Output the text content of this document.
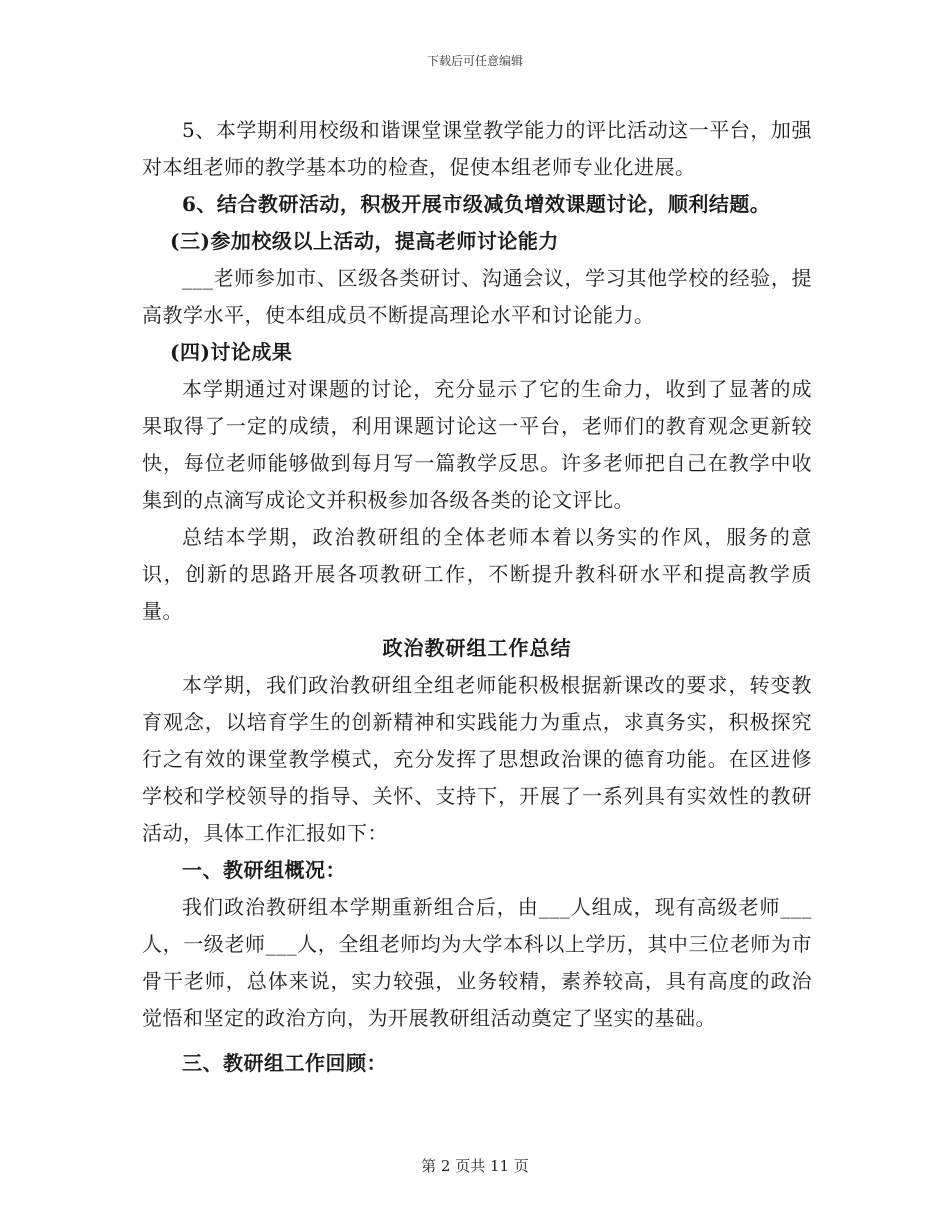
下载后可任意编辑

5、本学期利用校级和谐课堂课堂教学能力的评比活动这一平台，加强对本组老师的教学基本功的检查，促使本组老师专业化进展。

6、结合教研活动，积极开展市级减负增效课题讨论，顺利结题。

(三)参加校级以上活动，提高老师讨论能力

___老师参加市、区级各类研讨、沟通会议，学习其他学校的经验，提高教学水平，使本组成员不断提高理论水平和讨论能力。

(四)讨论成果

本学期通过对课题的讨论，充分显示了它的生命力，收到了显著的成果取得了一定的成绩，利用课题讨论这一平台，老师们的教育观念更新较快，每位老师能够做到每月写一篇教学反思。许多老师把自己在教学中收集到的点滴写成论文并积极参加各级各类的论文评比。

总结本学期，政治教研组的全体老师本着以务实的作风，服务的意识，创新的思路开展各项教研工作，不断提升教科研水平和提高教学质量。

政治教研组工作总结

本学期，我们政治教研组全组老师能积极根据新课改的要求，转变教育观念，以培育学生的创新精神和实践能力为重点，求真务实，积极探究行之有效的课堂教学模式，充分发挥了思想政治课的德育功能。在区进修学校和学校领导的指导、关怀、支持下，开展了一系列具有实效性的教研活动，具体工作汇报如下：

一、教研组概况：

我们政治教研组本学期重新组合后，由___人组成，现有高级老师___人，一级老师___人，全组老师均为大学本科以上学历，其中三位老师为市骨干老师，总体来说，实力较强，业务较精，素养较高，具有高度的政治觉悟和坚定的政治方向，为开展教研组活动奠定了坚实的基础。

三、教研组工作回顾：

第 2 页共 11 页
